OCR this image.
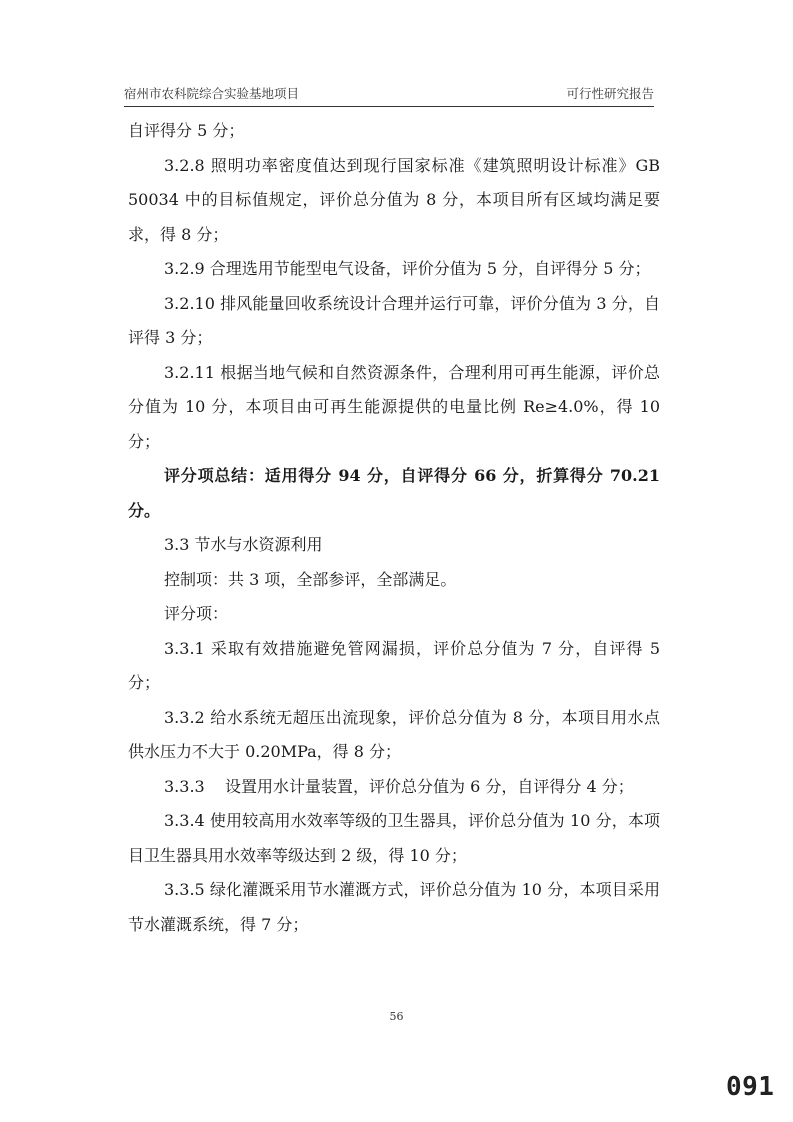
宿州市农科院综合实验基地项目	可行性研究报告

自评得分 5 分；

3.2.8 照明功率密度值达到现行国家标准《建筑照明设计标准》GB 50034 中的目标值规定，评价总分值为 8 分，本项目所有区域均满足要求，得 8 分；

3.2.9 合理选用节能型电气设备，评价分值为 5 分，自评得分 5 分；

3.2.10 排风能量回收系统设计合理并运行可靠，评价分值为 3 分，自评得 3 分；

3.2.11 根据当地气候和自然资源条件，合理利用可再生能源，评价总分值为 10 分，本项目由可再生能源提供的电量比例 Re≥4.0%，得 10 分；

评分项总结：适用得分 94 分，自评得分 66 分，折算得分 70.21 分。

3.3 节水与水资源利用

控制项：共 3 项，全部参评，全部满足。

评分项：

3.3.1 采取有效措施避免管网漏损，评价总分值为 7 分，自评得 5 分；

3.3.2 给水系统无超压出流现象，评价总分值为 8 分，本项目用水点供水压力不大于 0.20MPa，得 8 分；

3.3.3    设置用水计量装置，评价总分值为 6 分，自评得分 4 分；

3.3.4 使用较高用水效率等级的卫生器具，评价总分值为 10 分，本项目卫生器具用水效率等级达到 2 级，得 10 分；

3.3.5 绿化灌溉采用节水灌溉方式，评价总分值为 10 分，本项目采用节水灌溉系统，得 7 分；

56
091
